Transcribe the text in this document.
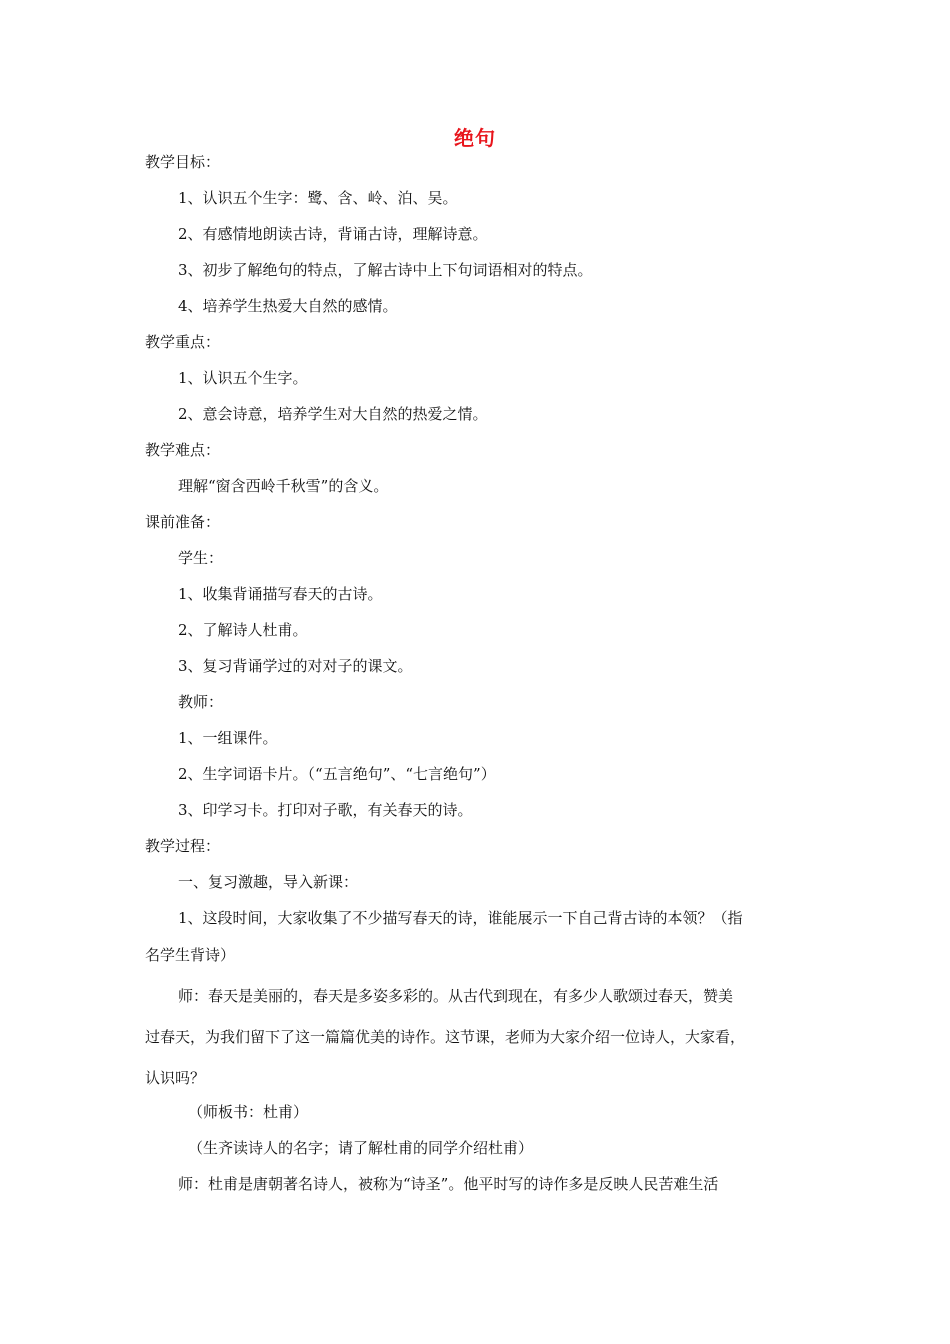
绝句
教学目标：
1、认识五个生字：鹭、含、岭、泊、吴。
2、有感情地朗读古诗，背诵古诗，理解诗意。
3、初步了解绝句的特点，了解古诗中上下句词语相对的特点。
4、培养学生热爱大自然的感情。
教学重点：
1、认识五个生字。
2、意会诗意，培养学生对大自然的热爱之情。
教学难点：
理解“窗含西岭千秋雪”的含义。
课前准备：
学生：
1、收集背诵描写春天的古诗。
2、了解诗人杜甫。
3、复习背诵学过的对对子的课文。
教师：
1、一组课件。
2、生字词语卡片。（“五言绝句”、“七言绝句”）
3、印学习卡。打印对子歌，有关春天的诗。
教学过程：
一、复习激趣，导入新课：
1、这段时间，大家收集了不少描写春天的诗，谁能展示一下自己背古诗的本领？（指
名学生背诗）
师：春天是美丽的，春天是多姿多彩的。从古代到现在，有多少人歌颂过春天，赞美
过春天，为我们留下了这一篇篇优美的诗作。这节课，老师为大家介绍一位诗人，大家看，
认识吗？
（师板书：杜甫）
（生齐读诗人的名字；请了解杜甫的同学介绍杜甫）
师：杜甫是唐朝著名诗人，被称为“诗圣”。他平时写的诗作多是反映人民苦难生活
